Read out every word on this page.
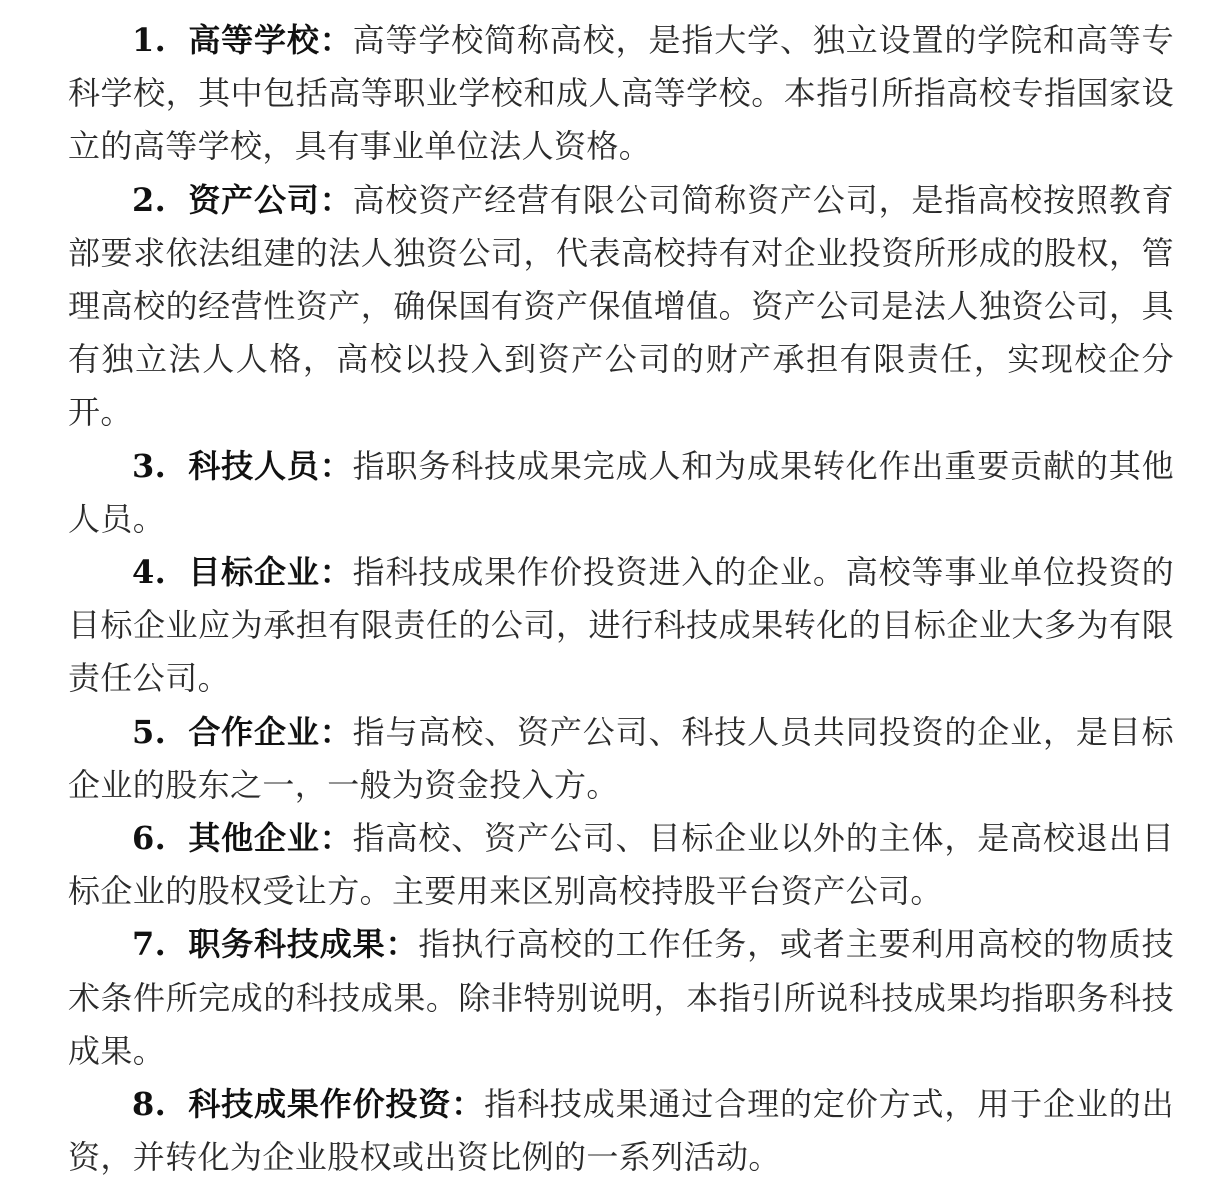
1. 高等学校：高等学校简称高校，是指大学、独立设置的学院和高等专科学校，其中包括高等职业学校和成人高等学校。本指引所指高校专指国家设立的高等学校，具有事业单位法人资格。

2. 资产公司：高校资产经营有限公司简称资产公司，是指高校按照教育部要求依法组建的法人独资公司，代表高校持有对企业投资所形成的股权，管理高校的经营性资产，确保国有资产保值增值。资产公司是法人独资公司，具有独立法人人格，高校以投入到资产公司的财产承担有限责任，实现校企分开。

3. 科技人员：指职务科技成果完成人和为成果转化作出重要贡献的其他人员。

4. 目标企业：指科技成果作价投资进入的企业。高校等事业单位投资的目标企业应为承担有限责任的公司，进行科技成果转化的目标企业大多为有限责任公司。

5. 合作企业：指与高校、资产公司、科技人员共同投资的企业，是目标企业的股东之一，一般为资金投入方。

6. 其他企业：指高校、资产公司、目标企业以外的主体，是高校退出目标企业的股权受让方。主要用来区别高校持股平台资产公司。

7. 职务科技成果：指执行高校的工作任务，或者主要利用高校的物质技术条件所完成的科技成果。除非特别说明，本指引所说科技成果均指职务科技成果。

8. 科技成果作价投资：指科技成果通过合理的定价方式，用于企业的出资，并转化为企业股权或出资比例的一系列活动。
